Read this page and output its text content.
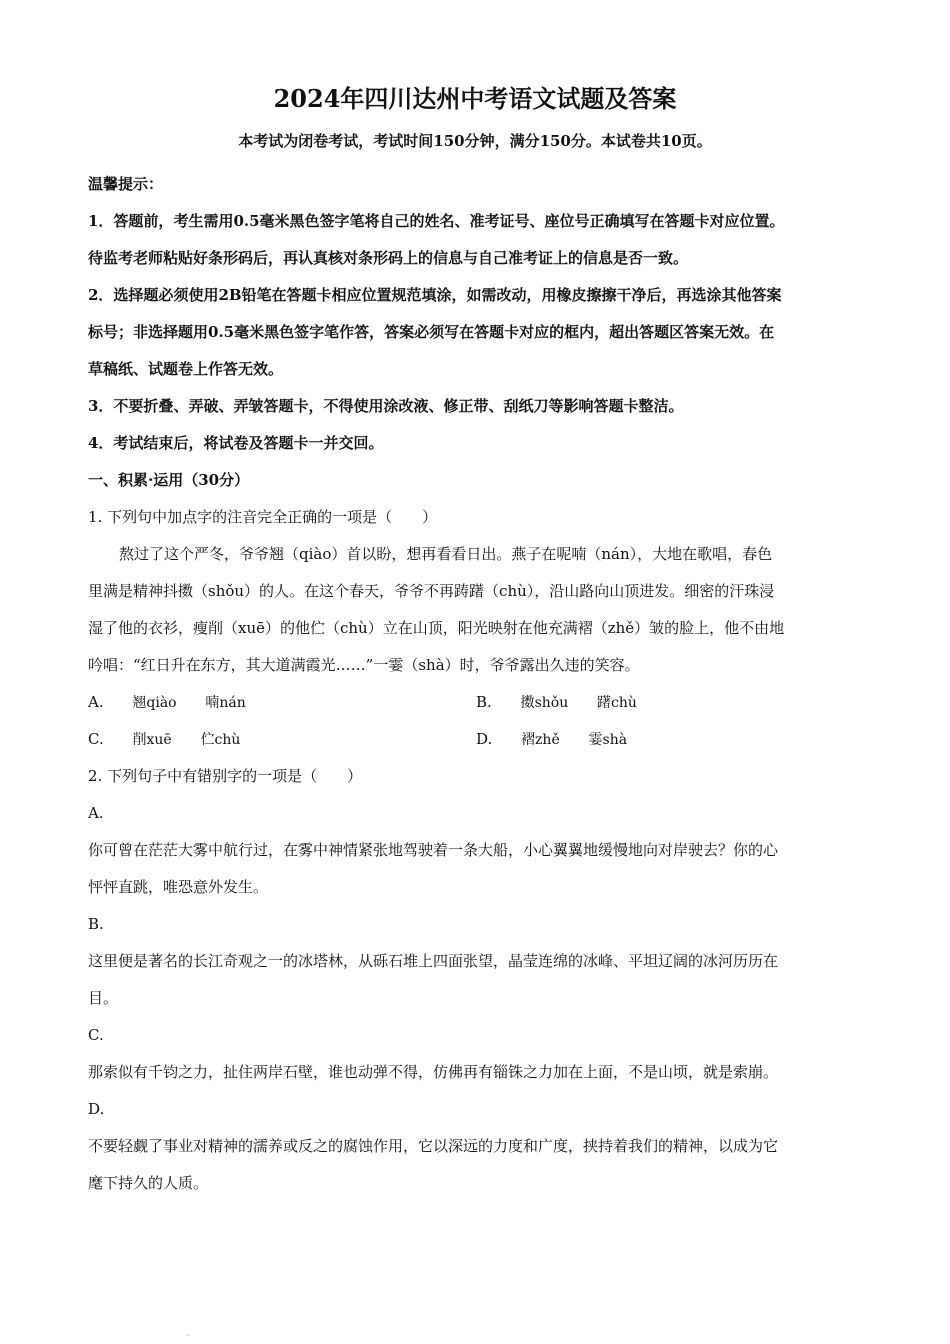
2024年四川达州中考语文试题及答案
本考试为闭卷考试，考试时间150分钟，满分150分。本试卷共10页。
温馨提示：
1．答题前，考生需用0.5毫米黑色签字笔将自己的姓名、准考证号、座位号正确填写在答题卡对应位置。
待监考老师粘贴好条形码后，再认真核对条形码上的信息与自己准考证上的信息是否一致。
2．选择题必须使用2B铅笔在答题卡相应位置规范填涂，如需改动，用橡皮擦擦干净后，再选涂其他答案
标号；非选择题用0.5毫米黑色签字笔作答，答案必须写在答题卡对应的框内，超出答题区答案无效。在
草稿纸、试题卷上作答无效。
3．不要折叠、弄破、弄皱答题卡，不得使用涂改液、修正带、刮纸刀等影响答题卡整洁。
4．考试结束后，将试卷及答题卡一并交回。
一、积累·运用（30分）
1. 下列句中加点字的注音完全正确的一项是（　　）
熬过了这个严冬，爷爷翘（qiào）首以盼，想再看看日出。燕子在呢喃（nán），大地在歌唱，春色
里满是精神抖擞（shǒu）的人。在这个春天，爷爷不再踌躇（chù），沿山路向山顶进发。细密的汗珠浸
湿了他的衣衫，瘦削（xuē）的他伫（chù）立在山顶，阳光映射在他充满褶（zhě）皱的脸上，他不由地
吟唱：“红日升在东方，其大道满霞光……”一霎（shà）时，爷爷露出久违的笑容。
A. 翘qiào 喃nán	B. 擞shǒu 躇chù
C. 削xuē 伫chù	D. 褶zhě 霎shà
2. 下列句子中有错别字的一项是（　　）
A.
你可曾在茫茫大雾中航行过，在雾中神情紧张地驾驶着一条大船，小心翼翼地缓慢地向对岸驶去？你的心
怦怦直跳，唯恐意外发生。
B.
这里便是著名的长江奇观之一的冰塔林，从砾石堆上四面张望，晶莹连绵的冰峰、平坦辽阔的冰河历历在
目。
C.
那索似有千钧之力，扯住两岸石壁，谁也动弹不得，仿佛再有锱铢之力加在上面，不是山顷，就是索崩。
D.
不要轻觑了事业对精神的濡养或反之的腐蚀作用，它以深远的力度和广度，挟持着我们的精神，以成为它
麾下持久的人质。
